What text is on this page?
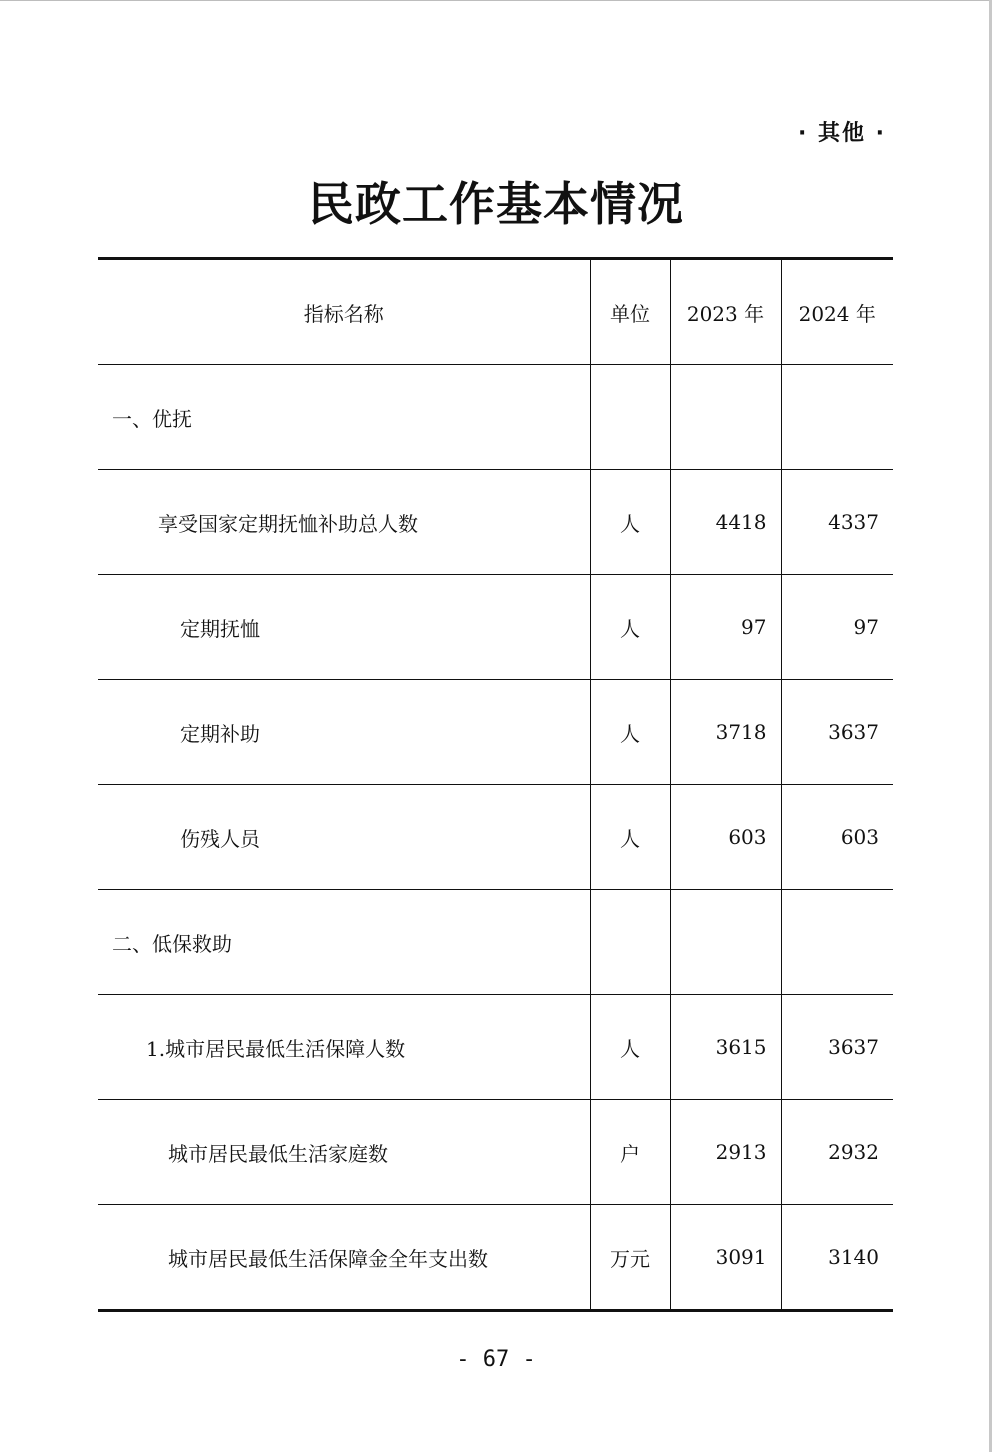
· 其他 ·
民政工作基本情况
指标名称	单位	2023 年	2024 年
一、优抚			
享受国家定期抚恤补助总人数	人	4418	4337
定期抚恤	人	97	97
定期补助	人	3718	3637
伤残人员	人	603	603
二、低保救助			
1.城市居民最低生活保障人数	人	3615	3637
城市居民最低生活家庭数	户	2913	2932
城市居民最低生活保障金全年支出数	万元	3091	3140
- 67 -
